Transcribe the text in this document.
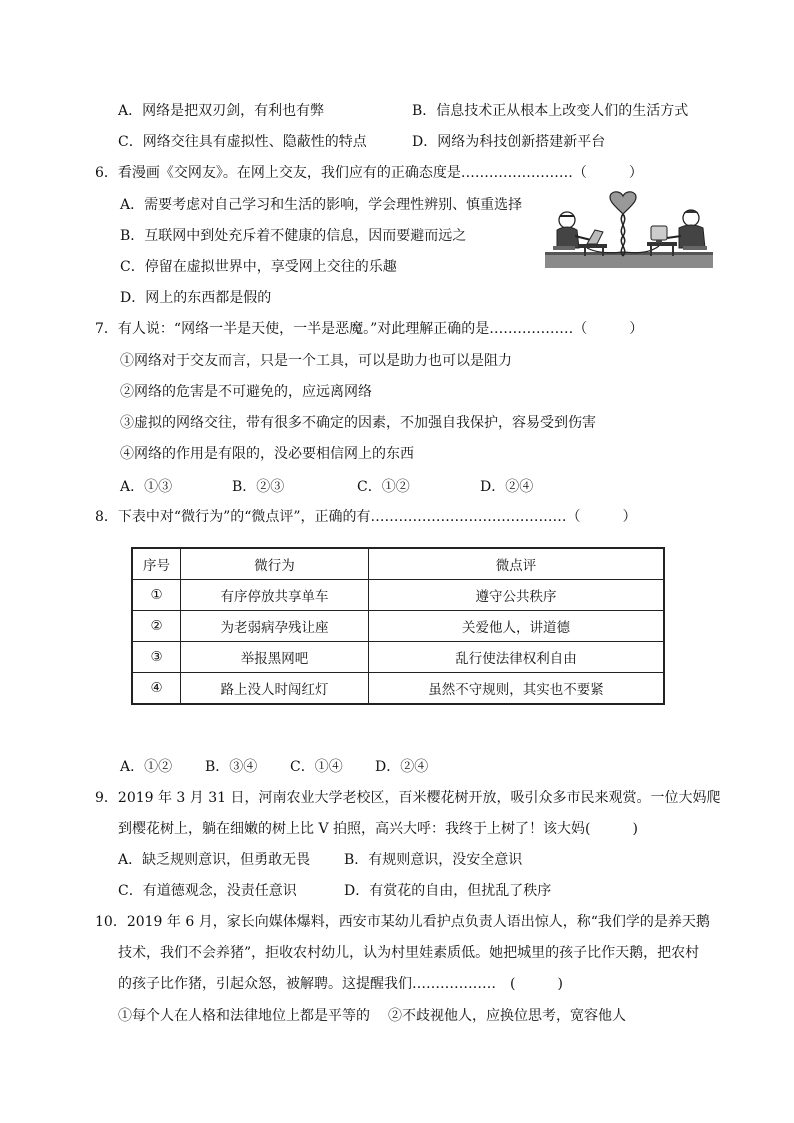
A．网络是把双刃剑，有利也有弊	B．信息技术正从根本上改变人们的生活方式
C．网络交往具有虚拟性、隐蔽性的特点	D．网络为科技创新搭建新平台
6．看漫画《交网友》。在网上交友，我们应有的正确态度是……………………（　　　）
A．需要考虑对自己学习和生活的影响，学会理性辨别、慎重选择
B．互联网中到处充斥着不健康的信息，因而要避而远之
C．停留在虚拟世界中，享受网上交往的乐趣
D．网上的东西都是假的
7．有人说：“网络一半是天使，一半是恶魔。”对此理解正确的是………………（　　　）
①网络对于交友而言，只是一个工具，可以是助力也可以是阻力
②网络的危害是不可避免的，应远离网络
③虚拟的网络交往，带有很多不确定的因素，不加强自我保护，容易受到伤害
④网络的作用是有限的，没必要相信网上的东西
A．①③	B．②③	C．①②	D．②④
8．下表中对“微行为”的“微点评”，正确的有……………………………………（　　　）
序号	微行为	微点评
①	有序停放共享单车	遵守公共秩序
②	为老弱病孕残让座	关爱他人，讲道德
③	举报黑网吧	乱行使法律权利自由
④	路上没人时闯红灯	虽然不守规则，其实也不要紧
A．①② B．③④ C．①④ D．②④
9．2019 年 3 月 31 日，河南农业大学老校区，百米樱花树开放，吸引众多市民来观赏。一位大妈爬
到樱花树上，躺在细嫩的树上比 V 拍照，高兴大呼：我终于上树了！该大妈(　　　)
A．缺乏规则意识，但勇敢无畏 B．有规则意识，没安全意识
C．有道德观念，没责任意识	D．有赏花的自由，但扰乱了秩序
10．2019 年 6 月，家长向媒体爆料，西安市某幼儿看护点负责人语出惊人，称“我们学的是养天鹅
技术，我们不会养猪”，拒收农村幼儿，认为村里娃素质低。她把城里的孩子比作天鹅，把农村
的孩子比作猪，引起众怒，被解聘。这提醒我们………………　(　　　)
①每个人在人格和法律地位上都是平等的 ②不歧视他人，应换位思考，宽容他人
